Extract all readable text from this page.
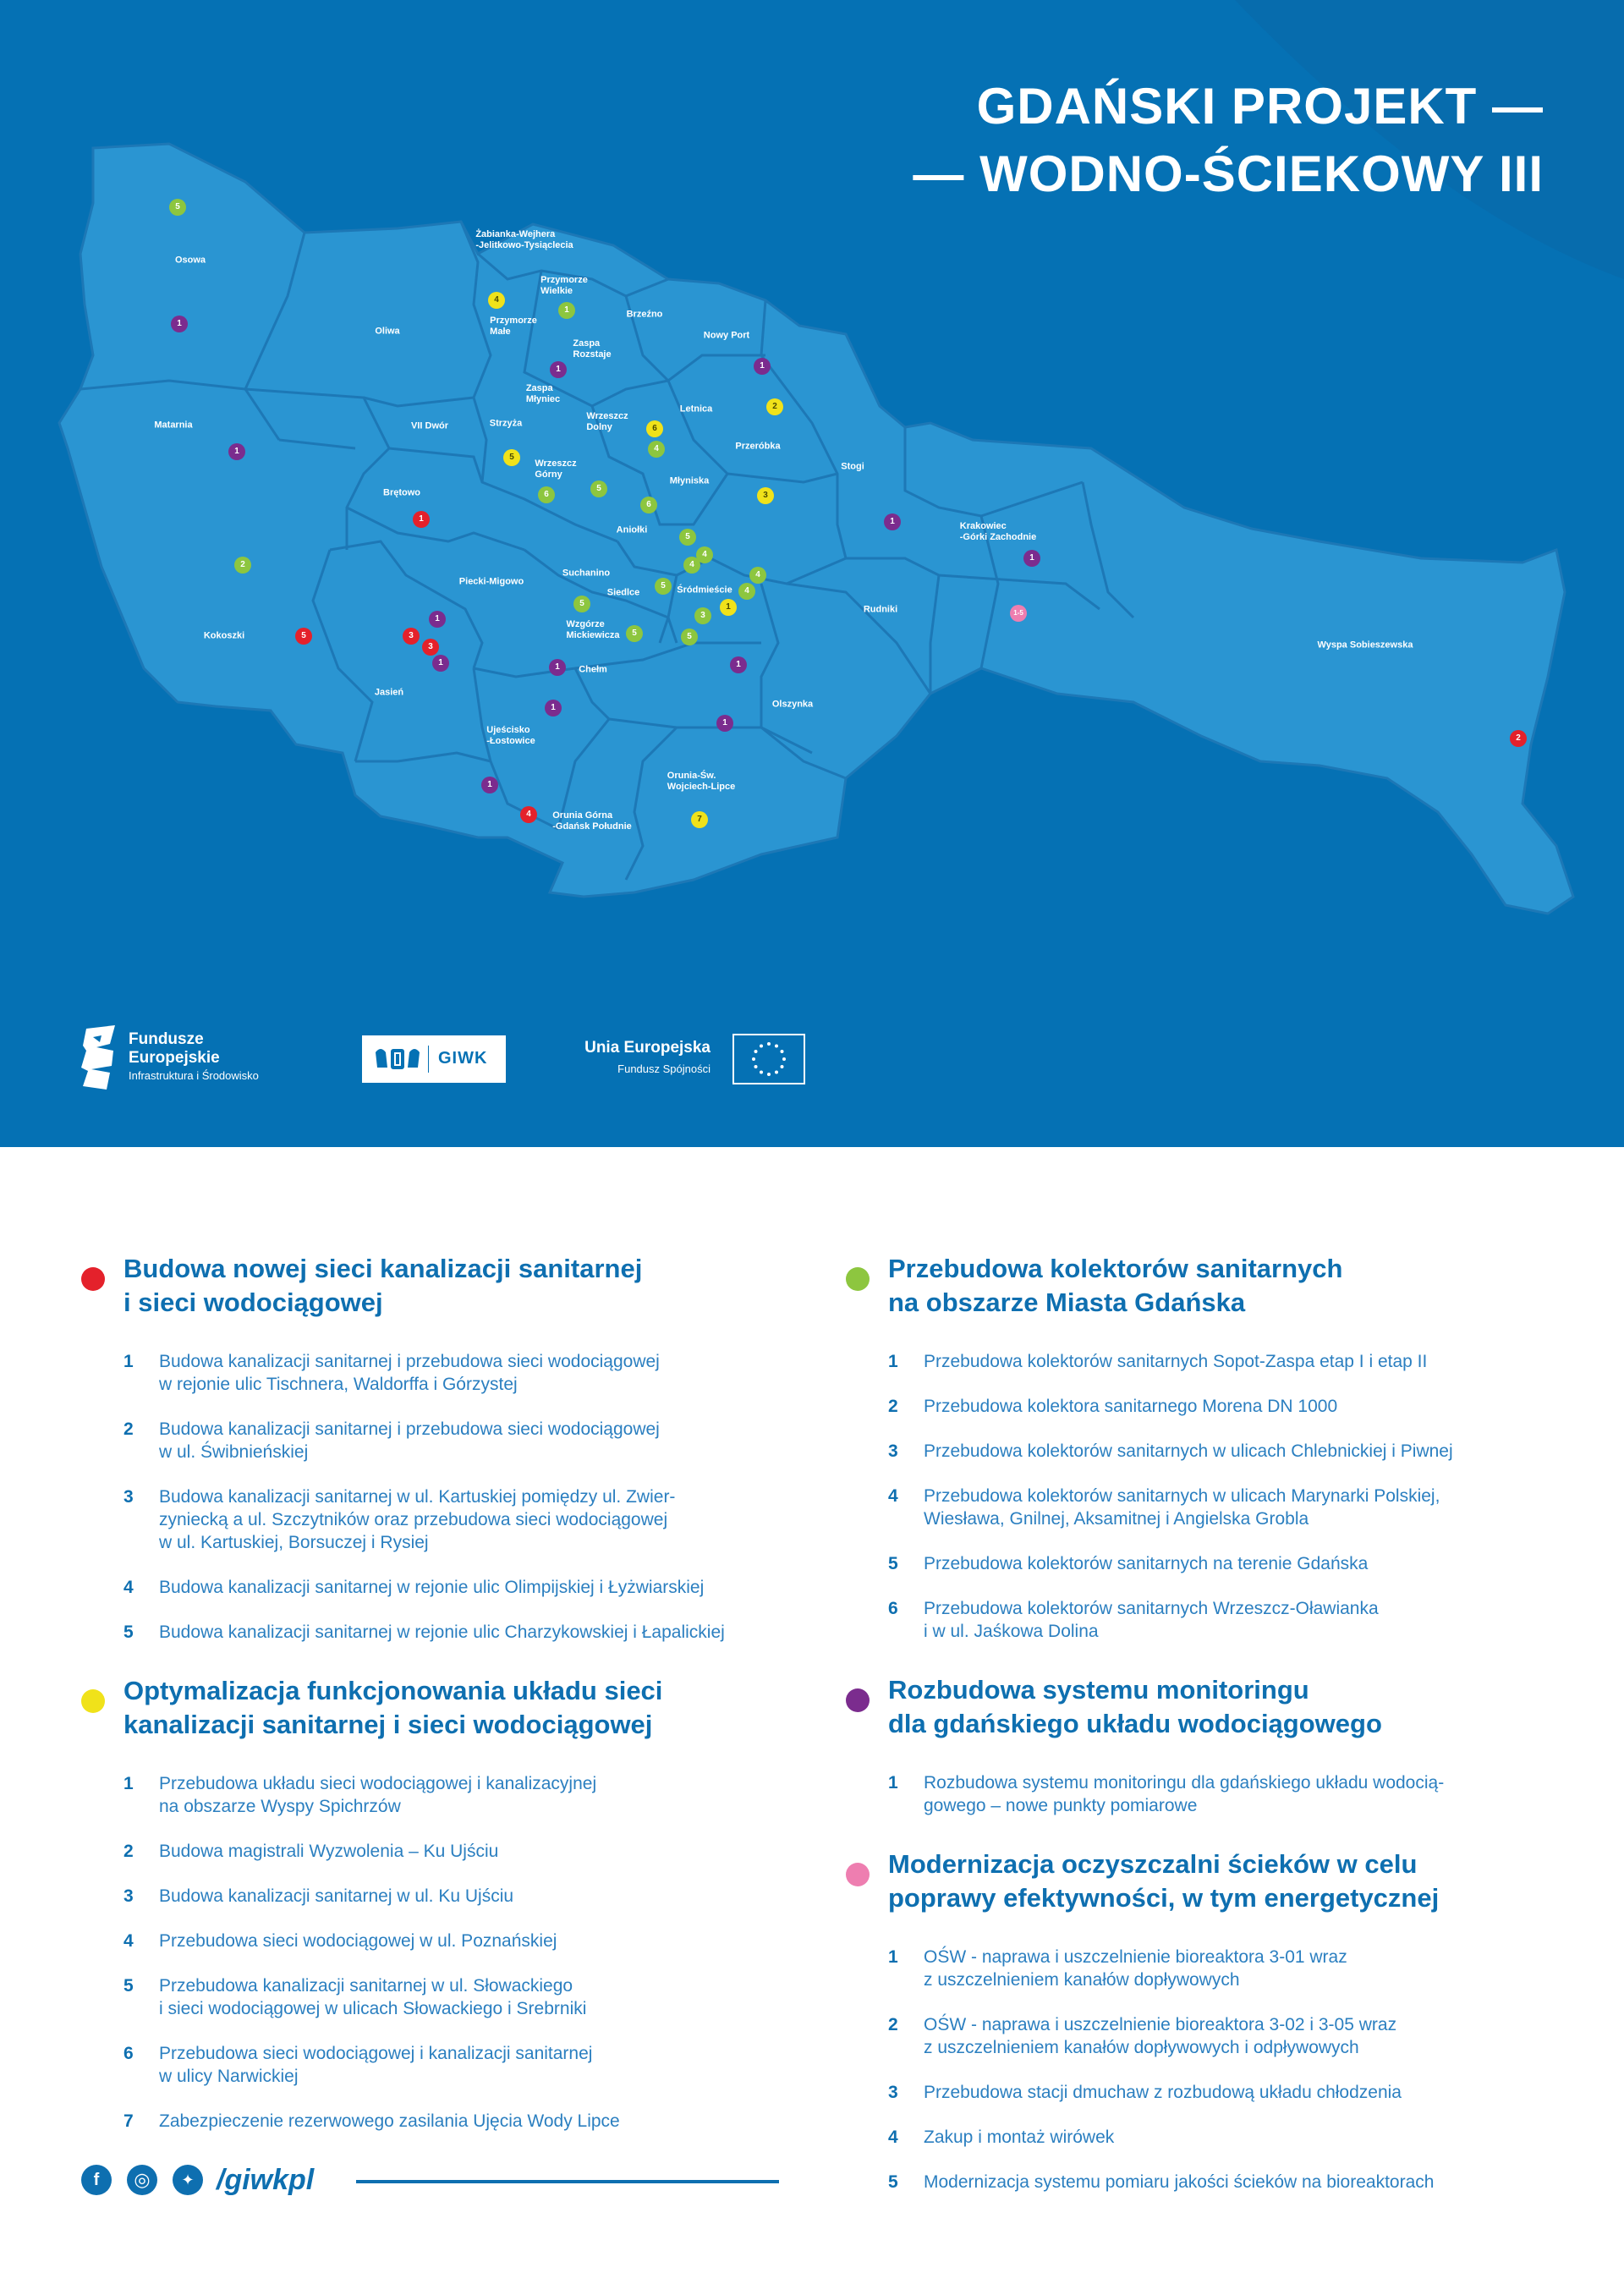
GDAŃSKI PROJEKT —
— WODNO-ŚCIEKOWY III
Osowa
Żabianka-Wejhera
-Jelitkowo-Tysiąclecia
Przymorze
Wielkie
Oliwa
Przymorze
Małe
Brzeźno
Zaspa
Rozstaje
Nowy Port
Zaspa
Młyniec
Letnica
Matarnia	VII Dwór	Strzyża
Wrzeszcz
Dolny
Przeróbka
Stogi
Wrzeszcz
Górny
Młyniska
Brętowo
Aniołki	Krakowiec
-Górki Zachodnie
Piecki-Migowo
Suchanino
Siedlce	Śródmieście
Rudniki
Kokoszki
Wzgórze
Mickiewicza
Chełm
Wyspa Sobieszewska
Jasień
Olszynka
Ujeścisko
-Łostowice
Orunia-Św.
Wojciech-Lipce
Orunia Górna
-Gdańsk Południe
5
1
4
1
1	1
2
6
4
1
5
5
6
6
3
1	1
5
4
4
1
2
4
5
4
5	1
3
1
1-5
3
5	5	5
3
1	1	1
1
1
2
1
4
7
Fundusze
Europejskie
Infrastruktura i Środowisko
GIWK
Unia Europejska
Fundusz Spójności
Budowa nowej sieci kanalizacji sanitarnej
i sieci wodociągowej
1 Budowa kanalizacji sanitarnej i przebudowa sieci wodociągowej
w rejonie ulic Tischnera, Waldorffa i Górzystej
2 Budowa kanalizacji sanitarnej i przebudowa sieci wodociągowej
w ul. Świbnieńskiej
3 Budowa kanalizacji sanitarnej w ul. Kartuskiej pomiędzy ul. Zwier-
zyniecką a ul. Szczytników oraz przebudowa sieci wodociągowej
w ul. Kartuskiej, Borsuczej i Rysiej
4 Budowa kanalizacji sanitarnej w rejonie ulic Olimpijskiej i Łyżwiarskiej
5 Budowa kanalizacji sanitarnej w rejonie ulic Charzykowskiej i Łapalickiej
Optymalizacja funkcjonowania układu sieci
kanalizacji sanitarnej i sieci wodociągowej
1 Przebudowa układu sieci wodociągowej i kanalizacyjnej
na obszarze Wyspy Spichrzów
2 Budowa magistrali Wyzwolenia – Ku Ujściu
3 Budowa kanalizacji sanitarnej w ul. Ku Ujściu
4 Przebudowa sieci wodociągowej w ul. Poznańskiej
5 Przebudowa kanalizacji sanitarnej w ul. Słowackiego
i sieci wodociągowej w ulicach Słowackiego i Srebrniki
6 Przebudowa sieci wodociągowej i kanalizacji sanitarnej
w ulicy Narwickiej
7 Zabezpieczenie rezerwowego zasilania Ujęcia Wody Lipce
Przebudowa kolektorów sanitarnych
na obszarze Miasta Gdańska
1 Przebudowa kolektorów sanitarnych Sopot-Zaspa etap I i etap II
2 Przebudowa kolektora sanitarnego Morena DN 1000
3 Przebudowa kolektorów sanitarnych w ulicach Chlebnickiej i Piwnej
4 Przebudowa kolektorów sanitarnych w ulicach Marynarki Polskiej,
Wiesława, Gnilnej, Aksamitnej i Angielska Grobla
5 Przebudowa kolektorów sanitarnych na terenie Gdańska
6 Przebudowa kolektorów sanitarnych Wrzeszcz-Oławianka
i w ul. Jaśkowa Dolina
Rozbudowa systemu monitoringu
dla gdańskiego układu wodociągowego
1 Rozbudowa systemu monitoringu dla gdańskiego układu wodocią-
gowego – nowe punkty pomiarowe
Modernizacja oczyszczalni ścieków w celu
poprawy efektywności, w tym energetycznej
1 OŚW - naprawa i uszczelnienie bioreaktora 3-01 wraz
z uszczelnieniem kanałów dopływowych
2 OŚW - naprawa i uszczelnienie bioreaktora 3-02 i 3-05 wraz
z uszczelnieniem kanałów dopływowych i odpływowych
3 Przebudowa stacji dmuchaw z rozbudową układu chłodzenia
4 Zakup i montaż wirówek
5 Modernizacja systemu pomiaru jakości ścieków na bioreaktorach
f	◎	✦ /giwkpl
